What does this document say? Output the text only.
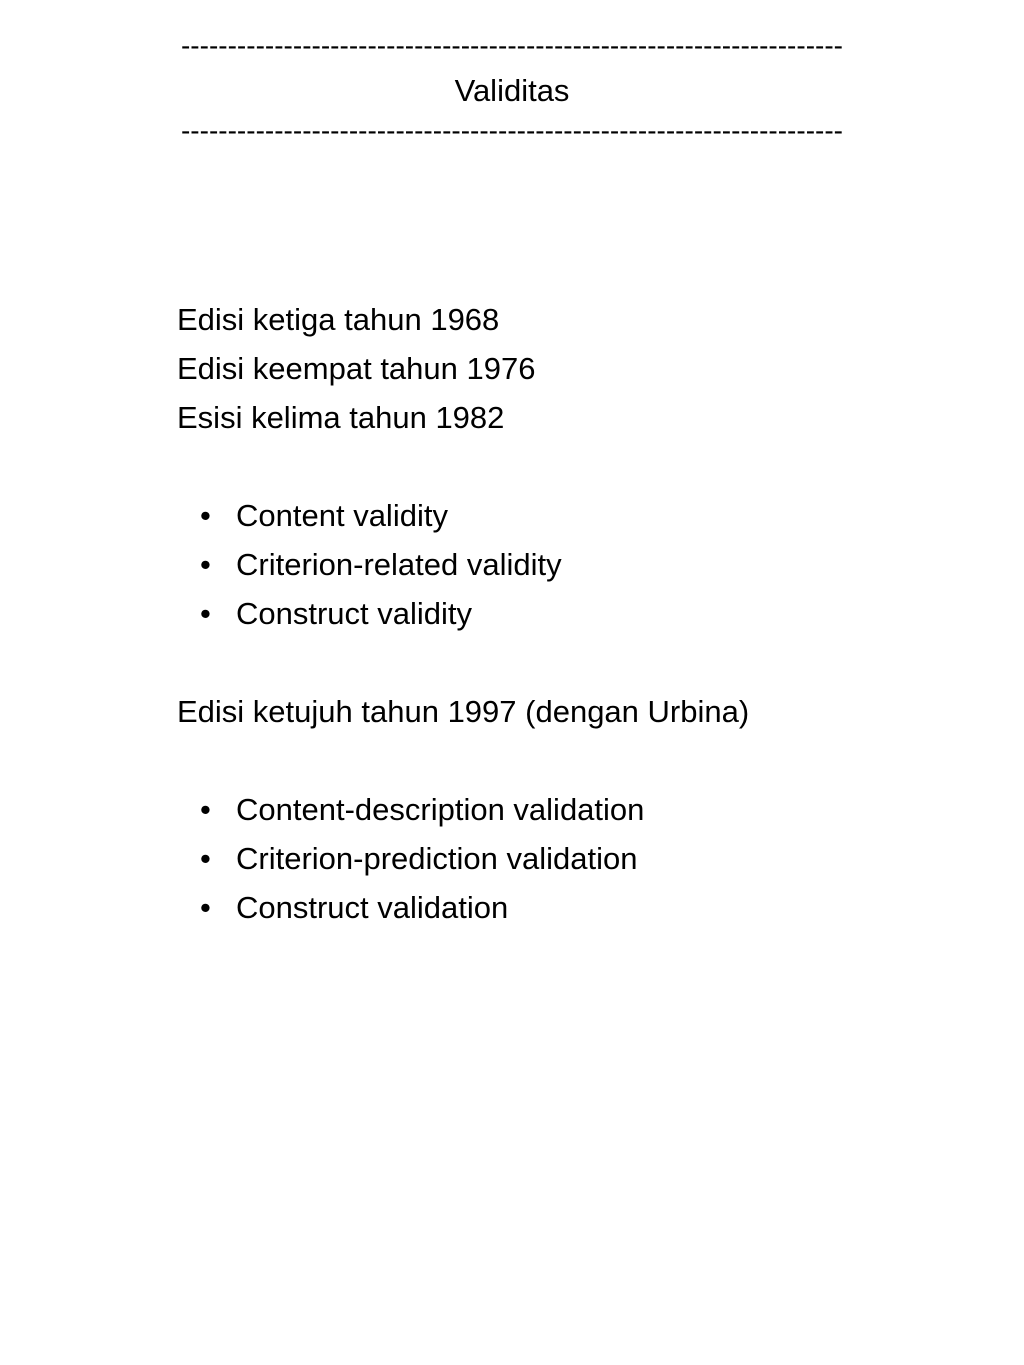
-----------------------------------------------------------------------
Validitas
-----------------------------------------------------------------------
Edisi ketiga tahun 1968
Edisi keempat tahun 1976
Esisi kelima tahun 1982
• Content validity
• Criterion-related validity
• Construct validity
Edisi ketujuh tahun 1997 (dengan Urbina)
• Content-description validation
• Criterion-prediction validation
• Construct validation
